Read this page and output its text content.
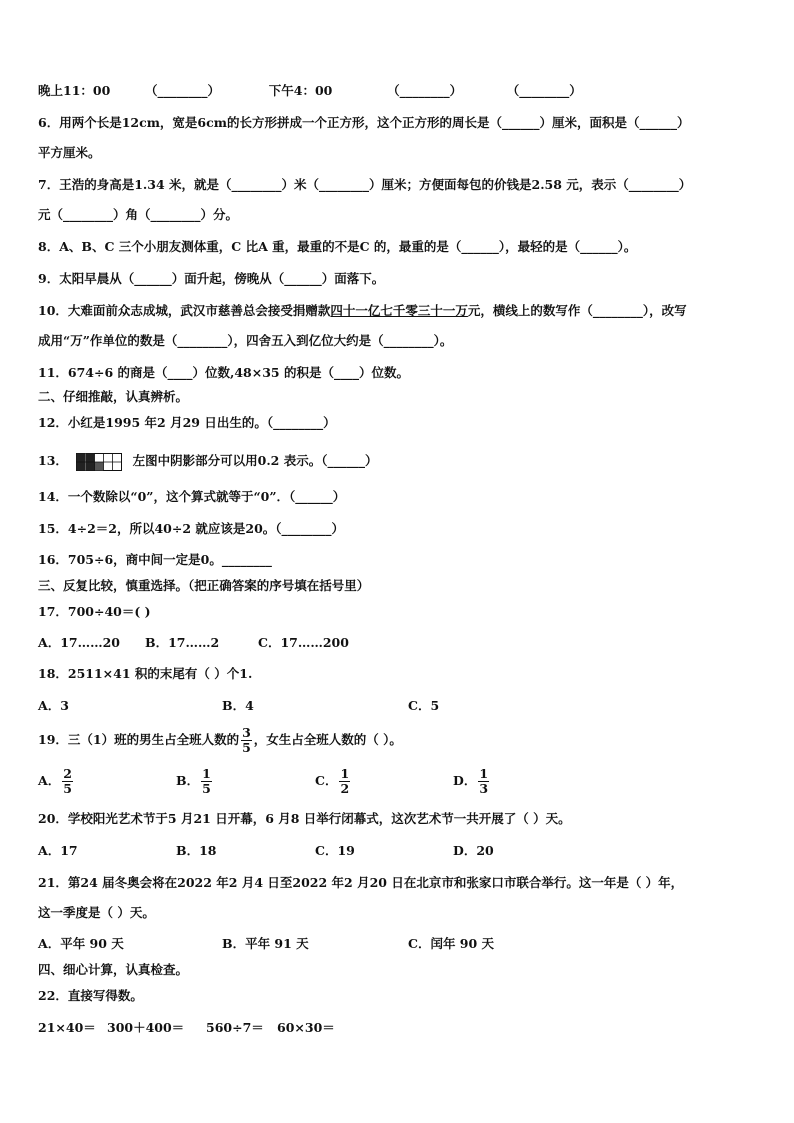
晚上11：00	（________）	下午4：00	（________）	（________）
6．用两个长是12cm，宽是6cm的长方形拼成一个正方形，这个正方形的周长是（______）厘米，面积是（______）
平方厘米。
7．王浩的身高是1.34 米，就是（________）米（________）厘米；方便面每包的价钱是2.58 元，表示（________）
元（________）角（________）分。
8．A、B、C 三个小朋友测体重，C 比A 重，最重的不是C 的，最重的是（______），最轻的是（______）。
9．太阳早晨从（______）面升起，傍晚从（______）面落下。
10．大难面前众志成城，武汉市慈善总会接受捐赠款四十一亿七千零三十一万元，横线上的数写作（________），改写
成用“万”作单位的数是（________），四舍五入到亿位大约是（________）。
11．674÷6 的商是（____）位数,48×35 的积是（____）位数。
二、仔细推敲，认真辨析。
12．小红是1995 年2 月29 日出生的。（________）
13．	左图中阴影部分可以用0.2 表示。（______）
14．一个数除以“0”，这个算式就等于“0”．（______）
15．4÷2＝2，所以40÷2 就应该是20。（________）
16．705÷6，商中间一定是0。________
三、反复比较，慎重选择。（把正确答案的序号填在括号里）
17．700÷40＝( )
A．17……20 B．17……2	C．17……200
18．2511×41 积的末尾有（ ）个1.
A．3	B．4	C．5
19．三（1）班的男生占全班人数的 $\frac{3}{5}$ ，女生占全班人数的（ ）。
A． $\frac{2}{5}$	B． $\frac{1}{5}$	C． $\frac{1}{2}$	D． $\frac{1}{3}$
20．学校阳光艺术节于5 月21 日开幕，6 月8 日举行闭幕式，这次艺术节一共开展了（ ）天。
A．17	B．18	C．19	D．20
21．第24 届冬奥会将在2022 年2 月4 日至2022 年2 月20 日在北京市和张家口市联合举行。这一年是（ ）年，
这一季度是（ ）天。
A．平年 90 天	B．平年 91 天	C．闰年 90 天
四、细心计算，认真检查。
22．直接写得数。
21×40＝ 300＋400＝ 560÷7＝ 60×30＝
